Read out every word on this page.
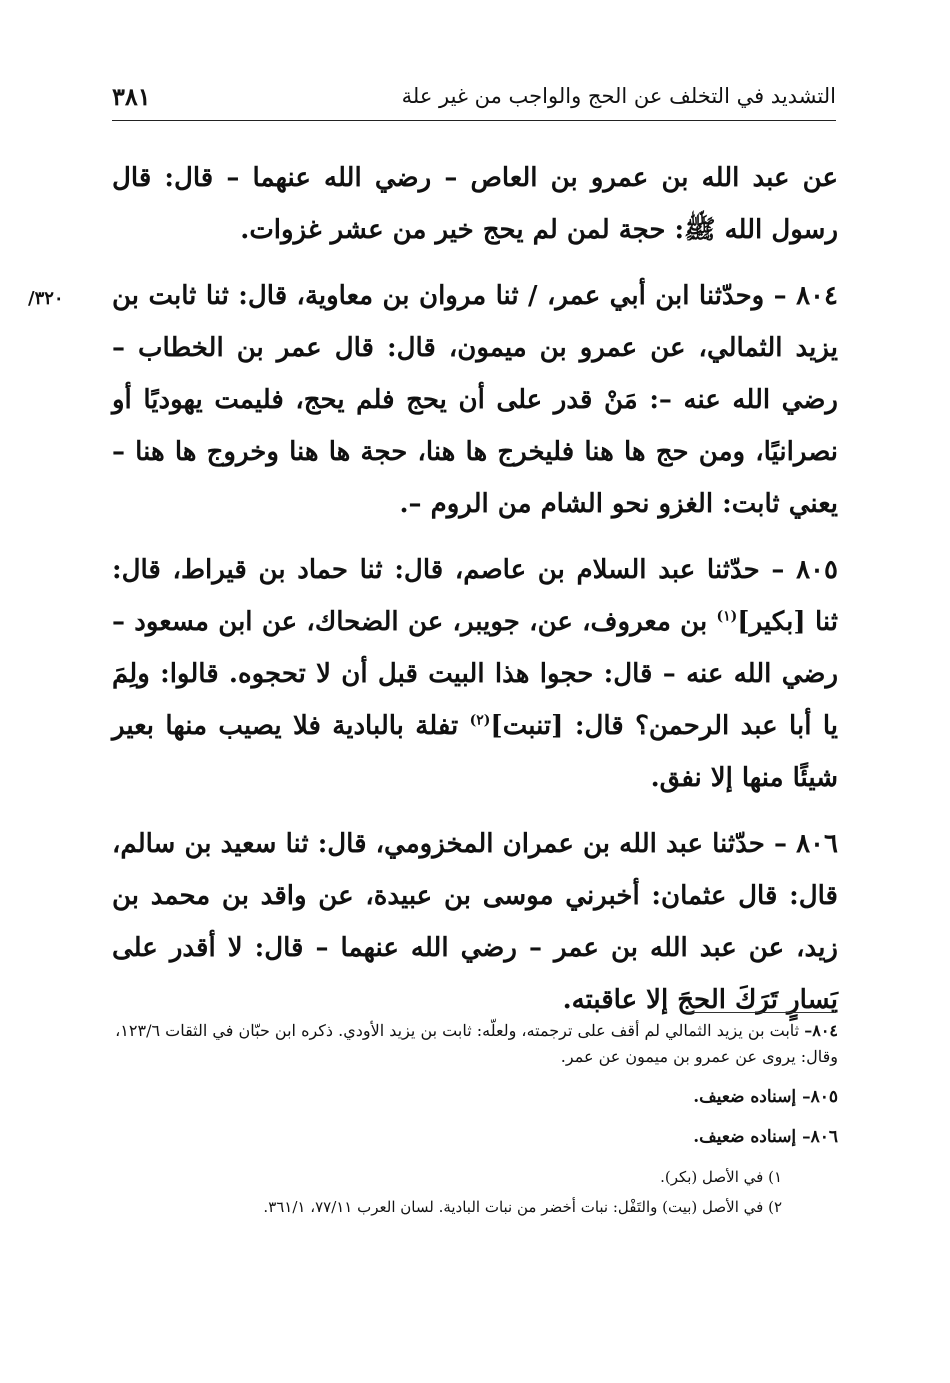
التشديد في التخلف عن الحج والواجب من غير علة
٣٨١
٣٢٠/

عن عبد الله بن عمرو بن العاص – رضي الله عنهما – قال: قال رسول الله ﷺ: حجة لمن لم يحج خير من عشر غزوات.

٨٠٤ – وحدّثنا ابن أبي عمر، / ثنا مروان بن معاوية، قال: ثنا ثابت بن يزيد الثمالي، عن عمرو بن ميمون، قال: قال عمر بن الخطاب – رضي الله عنه –: مَنْ قدر على أن يحج فلم يحج، فليمت يهوديًا أو نصرانيًا، ومن حج ها هنا فليخرج ها هنا، حجة ها هنا وخروج ها هنا – يعني ثابت: الغزو نحو الشام من الروم –.

٨٠٥ – حدّثنا عبد السلام بن عاصم، قال: ثنا حماد بن قيراط، قال: ثنا [بكير]$^{(١)}$ بن معروف، عن، جويبر، عن الضحاك، عن ابن مسعود – رضي الله عنه – قال: حجوا هذا البيت قبل أن لا تحجوه. قالوا: ولِمَ يا أبا عبد الرحمن؟ قال: [تنبت]$^{(٢)}$ تفلة بالبادية فلا يصيب منها بعير شيئًا منها إلا نفق.

٨٠٦ – حدّثنا عبد الله بن عمران المخزومي، قال: ثنا سعيد بن سالم، قال: قال عثمان: أخبرني موسى بن عبيدة، عن واقد بن محمد بن زيد، عن عبد الله بن عمر – رضي الله عنهما – قال: لا أقدر على يَسارٍ تَرَكَ الحجَ إلا عاقبته.

٨٠٤– ثابت بن يزيد الثمالي لم أقف على ترجمته، ولعلّه: ثابت بن يزيد الأودي. ذكره ابن حبّان في الثقات ١٢٣/٦، وقال: يروى عن عمرو بن ميمون عن عمر.

٨٠٥– إسناده ضعيف.

٨٠٦– إسناده ضعيف.

١) في الأصل (بكر).

٢) في الأصل (بيت) والتَفْل: نبات أخضر من نبات البادية. لسان العرب ٧٧/١١، ٣٦١/١.
